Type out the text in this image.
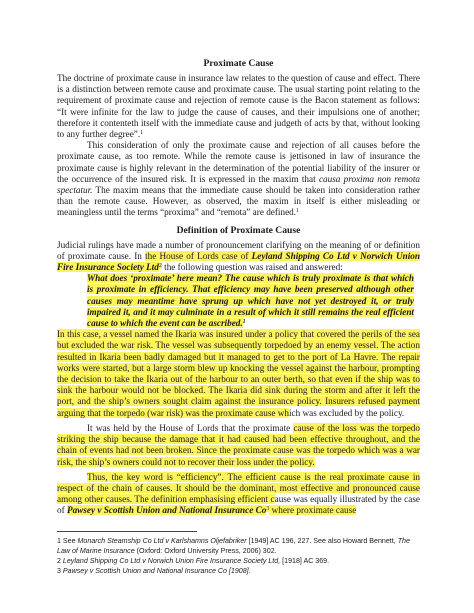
Proximate Cause

The doctrine of proximate cause in insurance law relates to the question of cause and effect. There is a distinction between remote cause and proximate cause. The usual starting point relating to the requirement of proximate cause and rejection of remote cause is the Bacon statement as follows: “It were infinite for the law to judge the cause of causes, and their impulsions one of another; therefore it contenteth itself with the immediate cause and judgeth of acts by that, without looking to any further degree”.$^1$

This consideration of only the proximate cause and rejection of all causes before the proximate cause, as too remote. While the remote cause is jettisoned in law of insurance the proximate cause is highly relevant in the determination of the potential liability of the insurer or the occurrence of the insured risk. It is expressed in the maxim that causa proxima non remota spectatur. The maxim means that the immediate cause should be taken into consideration rather than the remote cause. However, as observed, the maxim in itself is either misleading or meaningless until the terms “proxima” and “remota” are defined.$^1$

Definition of Proximate Cause

Judicial rulings have made a number of pronouncement clarifying on the meaning of or definition of proximate cause. In the House of Lords case of Leyland Shipping Co Ltd v Norwich Union Fire Insurance Society Ltd$^2$ the following question was raised and answered:

What does ‘proximate’ here mean? The cause which is truly proximate is that which is proximate in efficiency. That efficiency may have been preserved although other causes may meantime have sprung up which have not yet destroyed it, or truly impaired it, and it may culminate in a result of which it still remains the real efficient cause to which the event can be ascribed.$^1$

In this case, a vessel named the Ikaria was insured under a policy that covered the perils of the sea but excluded the war risk. The vessel was subsequently torpedoed by an enemy vessel. The action resulted in Ikaria been badly damaged but it managed to get to the port of La Havre. The repair works were started, but a large storm blew up knocking the vessel against the harbour, prompting the decision to take the Ikaria out of the harbour to an outer berth, so that even if the ship was to sink the harbour would not be blocked. The Ikaria did sink during the storm and after it left the port, and the ship’s owners sought claim against the insurance policy. Insurers refused payment arguing that the torpedo (war risk) was the proximate cause which was excluded by the policy.

It was held by the House of Lords that the proximate cause of the loss was the torpedo striking the ship because the damage that it had caused had been effective throughout, and the chain of events had not been broken. Since the proximate cause was the torpedo which was a war risk, the ship’s owners could not to recover their loss under the policy.

Thus, the key word is “efficiency”. The efficient cause is the real proximate cause in respect of the chain of causes. It should be the dominant, most effective and pronounced cause among other causes. The definition emphasising efficient cause was equally illustrated by the case of Pawsey v Scottish Union and National Insurance Co$^3$ where proximate cause

1 See Monarch Steamship Co Ltd v Karlshamns Oljefabriker [1949] AC 196, 227. See also Howard Bennett, The Law of Marine Insurance (Oxford: Oxford University Press, 2006) 302.

2 Leyland Shipping Co Ltd v Norwich Union Fire Insurance Society Ltd, [1918] AC 369.

3 Pawsey v Scottish Union and National Insurance Co [1908].
